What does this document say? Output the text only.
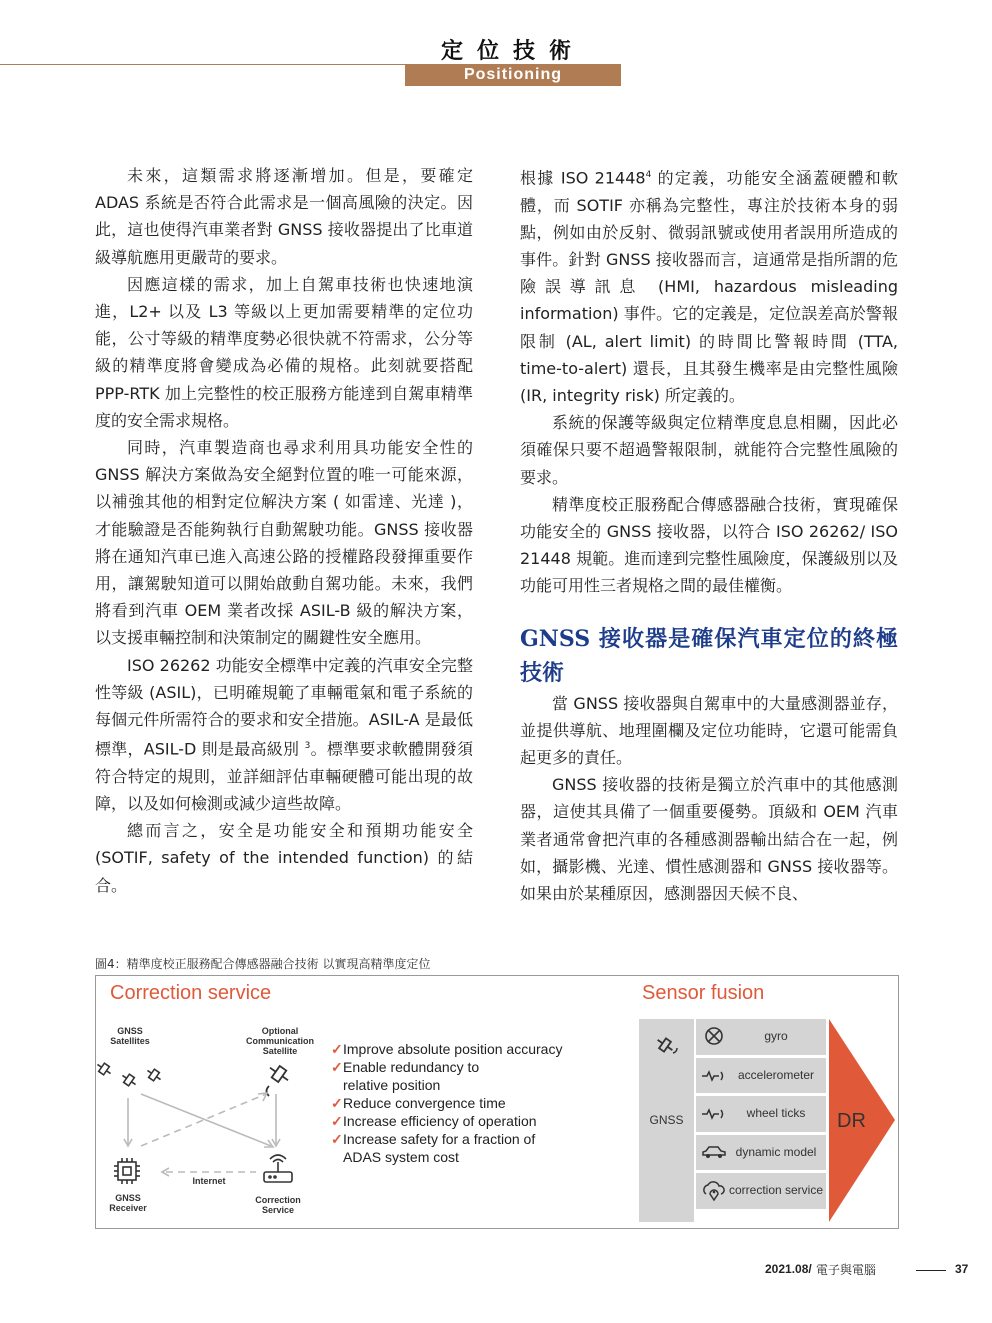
定位技術
Positioning

未來，這類需求將逐漸增加。但是，要確定 ADAS 系統是否符合此需求是一個高風險的決定。因此，這也使得汽車業者對 GNSS 接收器提出了比車道級導航應用更嚴苛的要求。

因應這樣的需求，加上自駕車技術也快速地演進，L2+ 以及 L3 等級以上更加需要精準的定位功能，公寸等級的精準度勢必很快就不符需求，公分等級的精準度將會變成為必備的規格。此刻就要搭配 PPP-RTK 加上完整性的校正服務方能達到自駕車精準度的安全需求規格。

同時，汽車製造商也尋求利用具功能安全性的 GNSS 解決方案做為安全絕對位置的唯一可能來源，以補強其他的相對定位解決方案 ( 如雷達、光達 )，才能驗證是否能夠執行自動駕駛功能。GNSS 接收器將在通知汽車已進入高速公路的授權路段發揮重要作用，讓駕駛知道可以開始啟動自駕功能。未來，我們將看到汽車 OEM 業者改採 ASIL-B 級的解決方案，以支援車輛控制和決策制定的關鍵性安全應用。

ISO 26262 功能安全標準中定義的汽車安全完整性等級 (ASIL)，已明確規範了車輛電氣和電子系統的每個元件所需符合的要求和安全措施。ASIL-A 是最低標準，ASIL-D 則是最高級別 $^3$。標準要求軟體開發須符合特定的規則，並詳細評估車輛硬體可能出現的故障，以及如何檢測或減少這些故障。

總而言之，安全是功能安全和預期功能安全 (SOTIF, safety of the intended function) 的結合。

根據 ISO 21448$^4$ 的定義，功能安全涵蓋硬體和軟體，而 SOTIF 亦稱為完整性，專注於技術本身的弱點，例如由於反射、微弱訊號或使用者誤用所造成的事件。針對 GNSS 接收器而言，這通常是指所謂的危險誤導訊息 (HMI, hazardous misleading information) 事件。它的定義是，定位誤差高於警報限制 (AL, alert limit) 的時間比警報時間 (TTA, time-to-alert) 還長，且其發生機率是由完整性風險 (IR, integrity risk) 所定義的。

系統的保護等級與定位精準度息息相關，因此必須確保只要不超過警報限制，就能符合完整性風險的要求。

精準度校正服務配合傳感器融合技術，實現確保功能安全的 GNSS 接收器，以符合 ISO 26262/ ISO 21448 規範。進而達到完整性風險度，保護級別以及功能可用性三者規格之間的最佳權衡。

GNSS 接收器是確保汽車定位的終極技術

當 GNSS 接收器與自駕車中的大量感測器並存，並提供導航、地理圍欄及定位功能時，它還可能需負起更多的責任。

GNSS 接收器的技術是獨立於汽車中的其他感測器，這使其具備了一個重要優勢。頂級和 OEM 汽車業者通常會把汽車的各種感測器輸出結合在一起，例如，攝影機、光達、慣性感測器和 GNSS 接收器等。如果由於某種原因，感測器因天候不良、

圖4：精準度校正服務配合傳感器融合技術 以實現高精準度定位
Correction service	Sensor fusion
GNSS Satellites
Optional Communication Satellite
GNSS Receiver
Correction Service
Internet
✓ Improve absolute position accuracy
✓ Enable redundancy to relative position
✓ Reduce convergence time
✓ Increase efficiency of operation
✓ Increase safety for a fraction of ADAS system cost
GNSS
gyro
accelerometer
wheel ticks
dynamic model
correction service
DR
2021.08/ 電子與電腦	37
